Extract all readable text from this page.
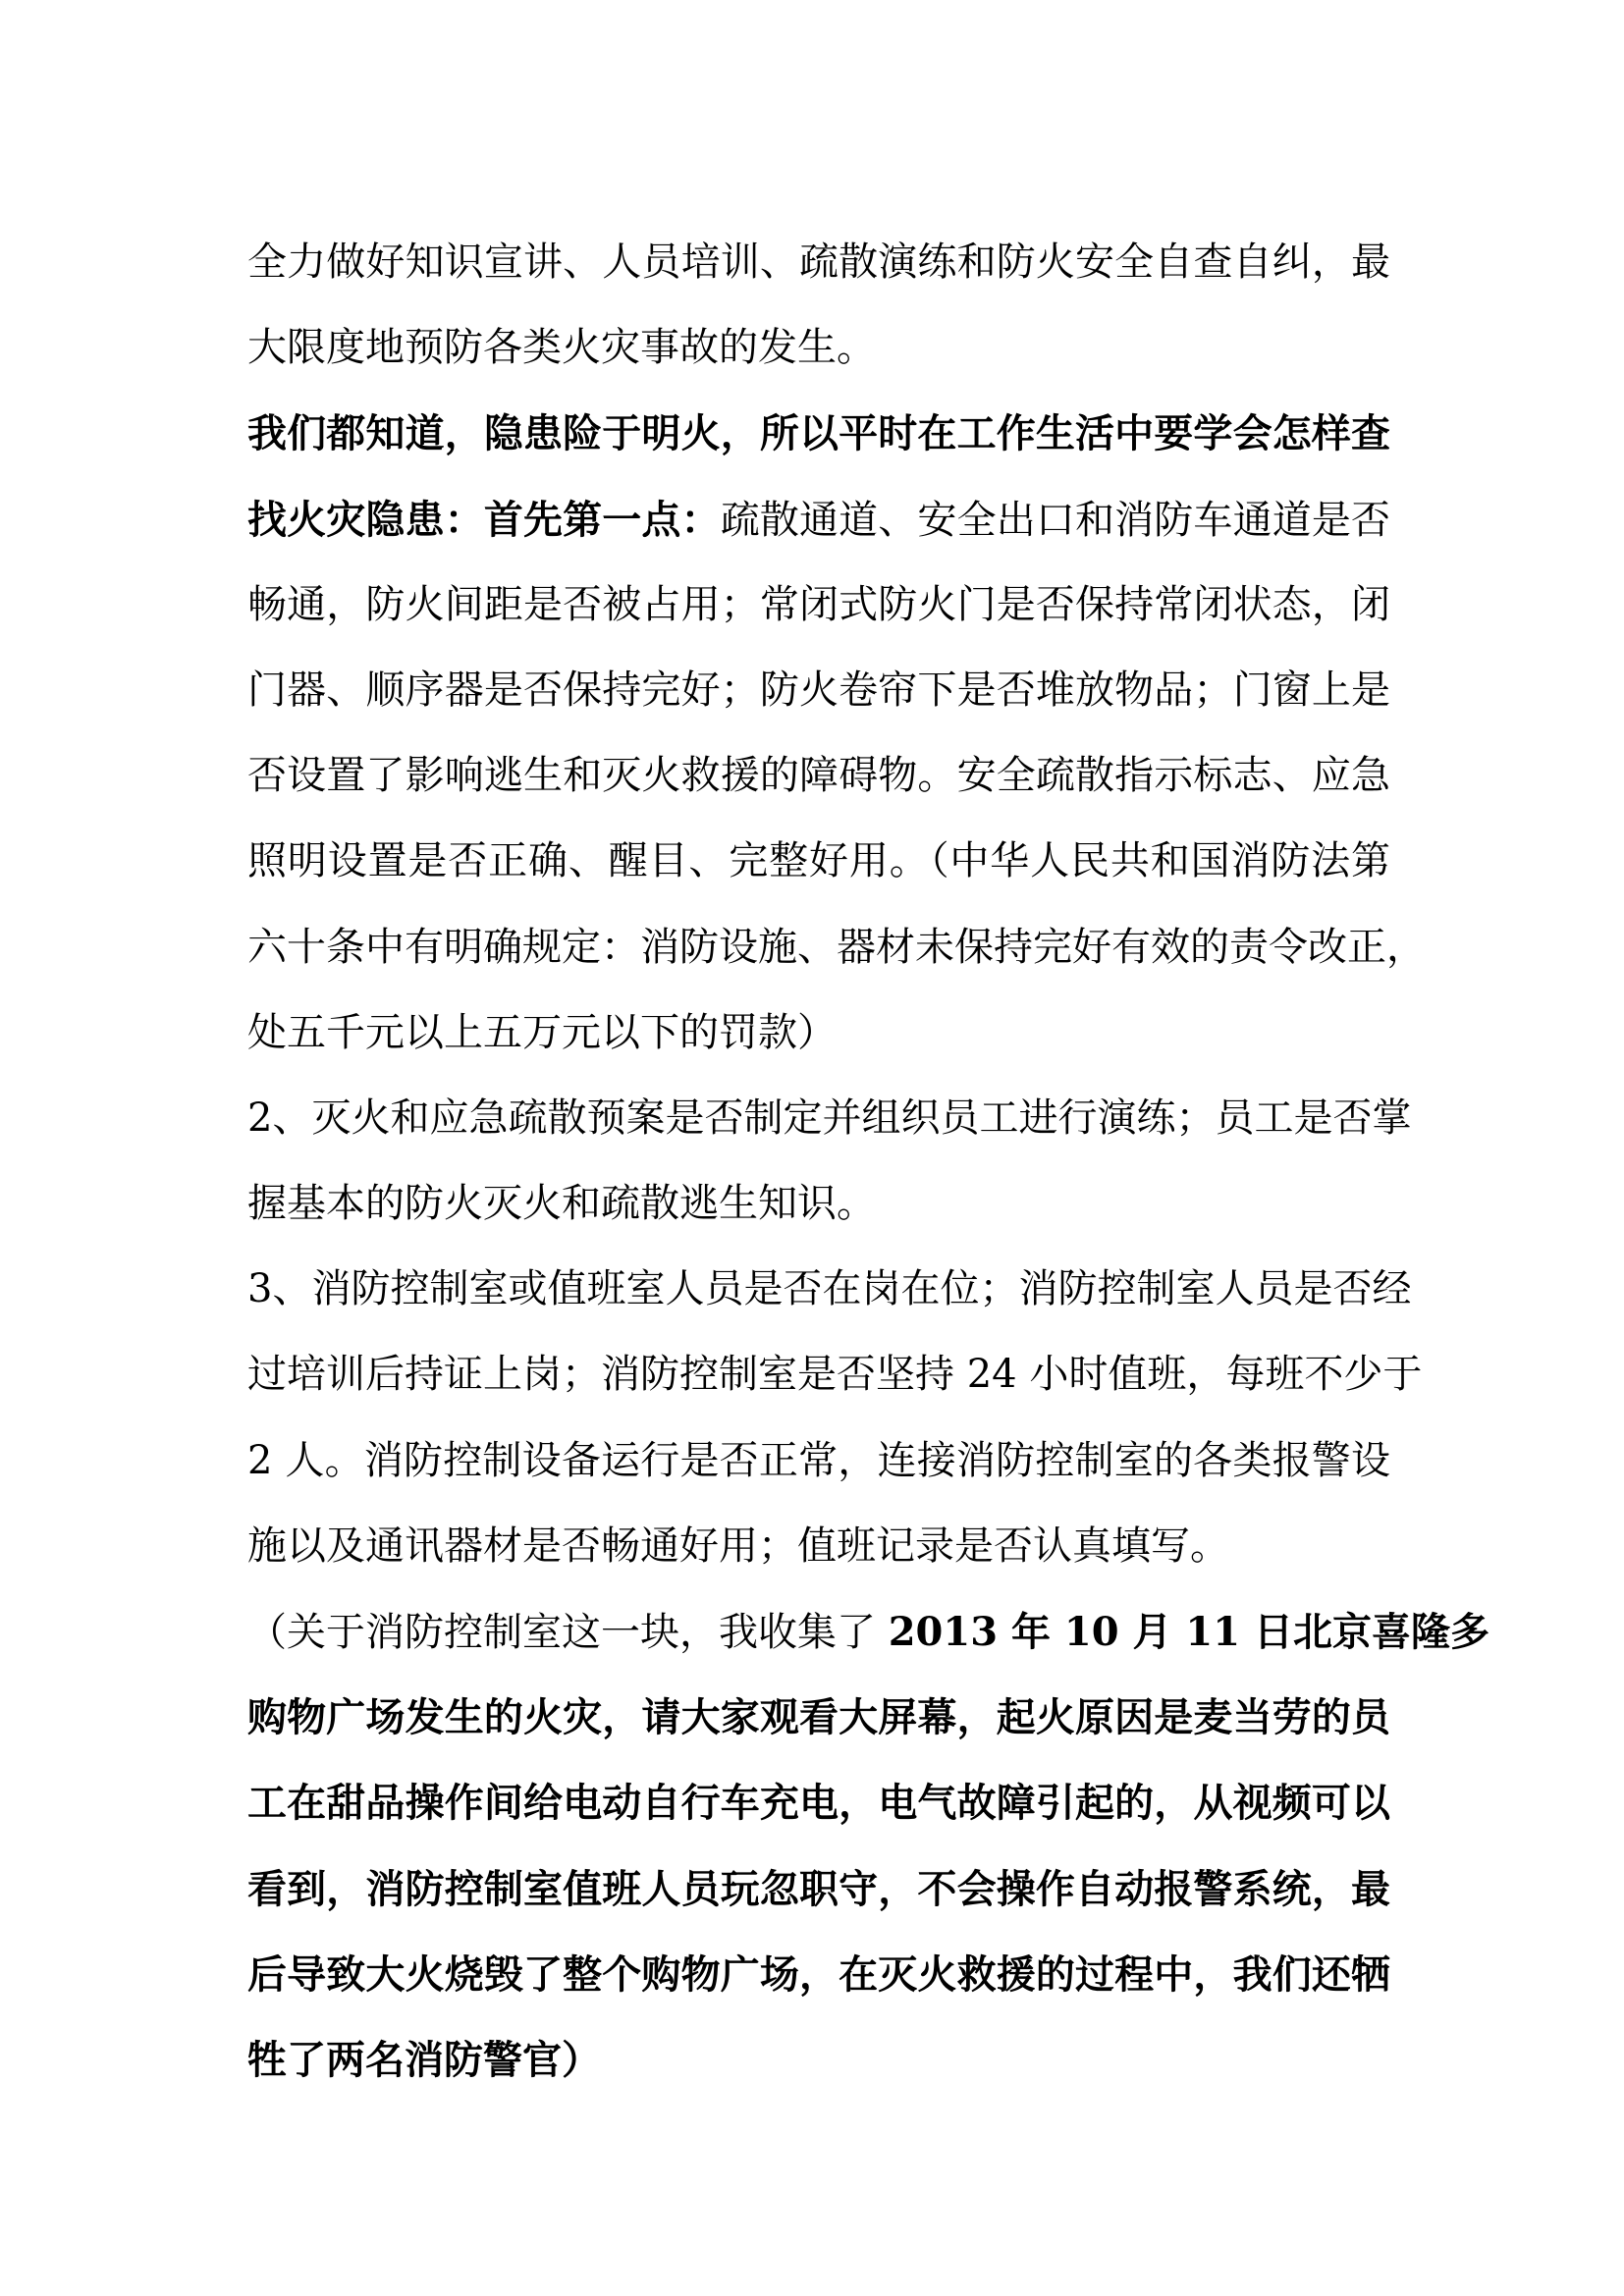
全力做好知识宣讲、人员培训、疏散演练和防火安全自查自纠，最
大限度地预防各类火灾事故的发生。
我们都知道，隐患险于明火，所以平时在工作生活中要学会怎样查
找火灾隐患：首先第一点：疏散通道、安全出口和消防车通道是否
畅通，防火间距是否被占用；常闭式防火门是否保持常闭状态，闭
门器、顺序器是否保持完好；防火卷帘下是否堆放物品；门窗上是
否设置了影响逃生和灭火救援的障碍物。安全疏散指示标志、应急
照明设置是否正确、醒目、完整好用。（中华人民共和国消防法第
六十条中有明确规定：消防设施、器材未保持完好有效的责令改正，
处五千元以上五万元以下的罚款）
2、灭火和应急疏散预案是否制定并组织员工进行演练；员工是否掌
握基本的防火灭火和疏散逃生知识。
3、消防控制室或值班室人员是否在岗在位；消防控制室人员是否经
过培训后持证上岗；消防控制室是否坚持 24 小时值班，每班不少于
2 人。消防控制设备运行是否正常，连接消防控制室的各类报警设
施以及通讯器材是否畅通好用；值班记录是否认真填写。
（关于消防控制室这一块，我收集了 2013 年 10 月 11 日北京喜隆多
购物广场发生的火灾，请大家观看大屏幕，起火原因是麦当劳的员
工在甜品操作间给电动自行车充电，电气故障引起的，从视频可以
看到，消防控制室值班人员玩忽职守，不会操作自动报警系统，最
后导致大火烧毁了整个购物广场，在灭火救援的过程中，我们还牺
牲了两名消防警官）
